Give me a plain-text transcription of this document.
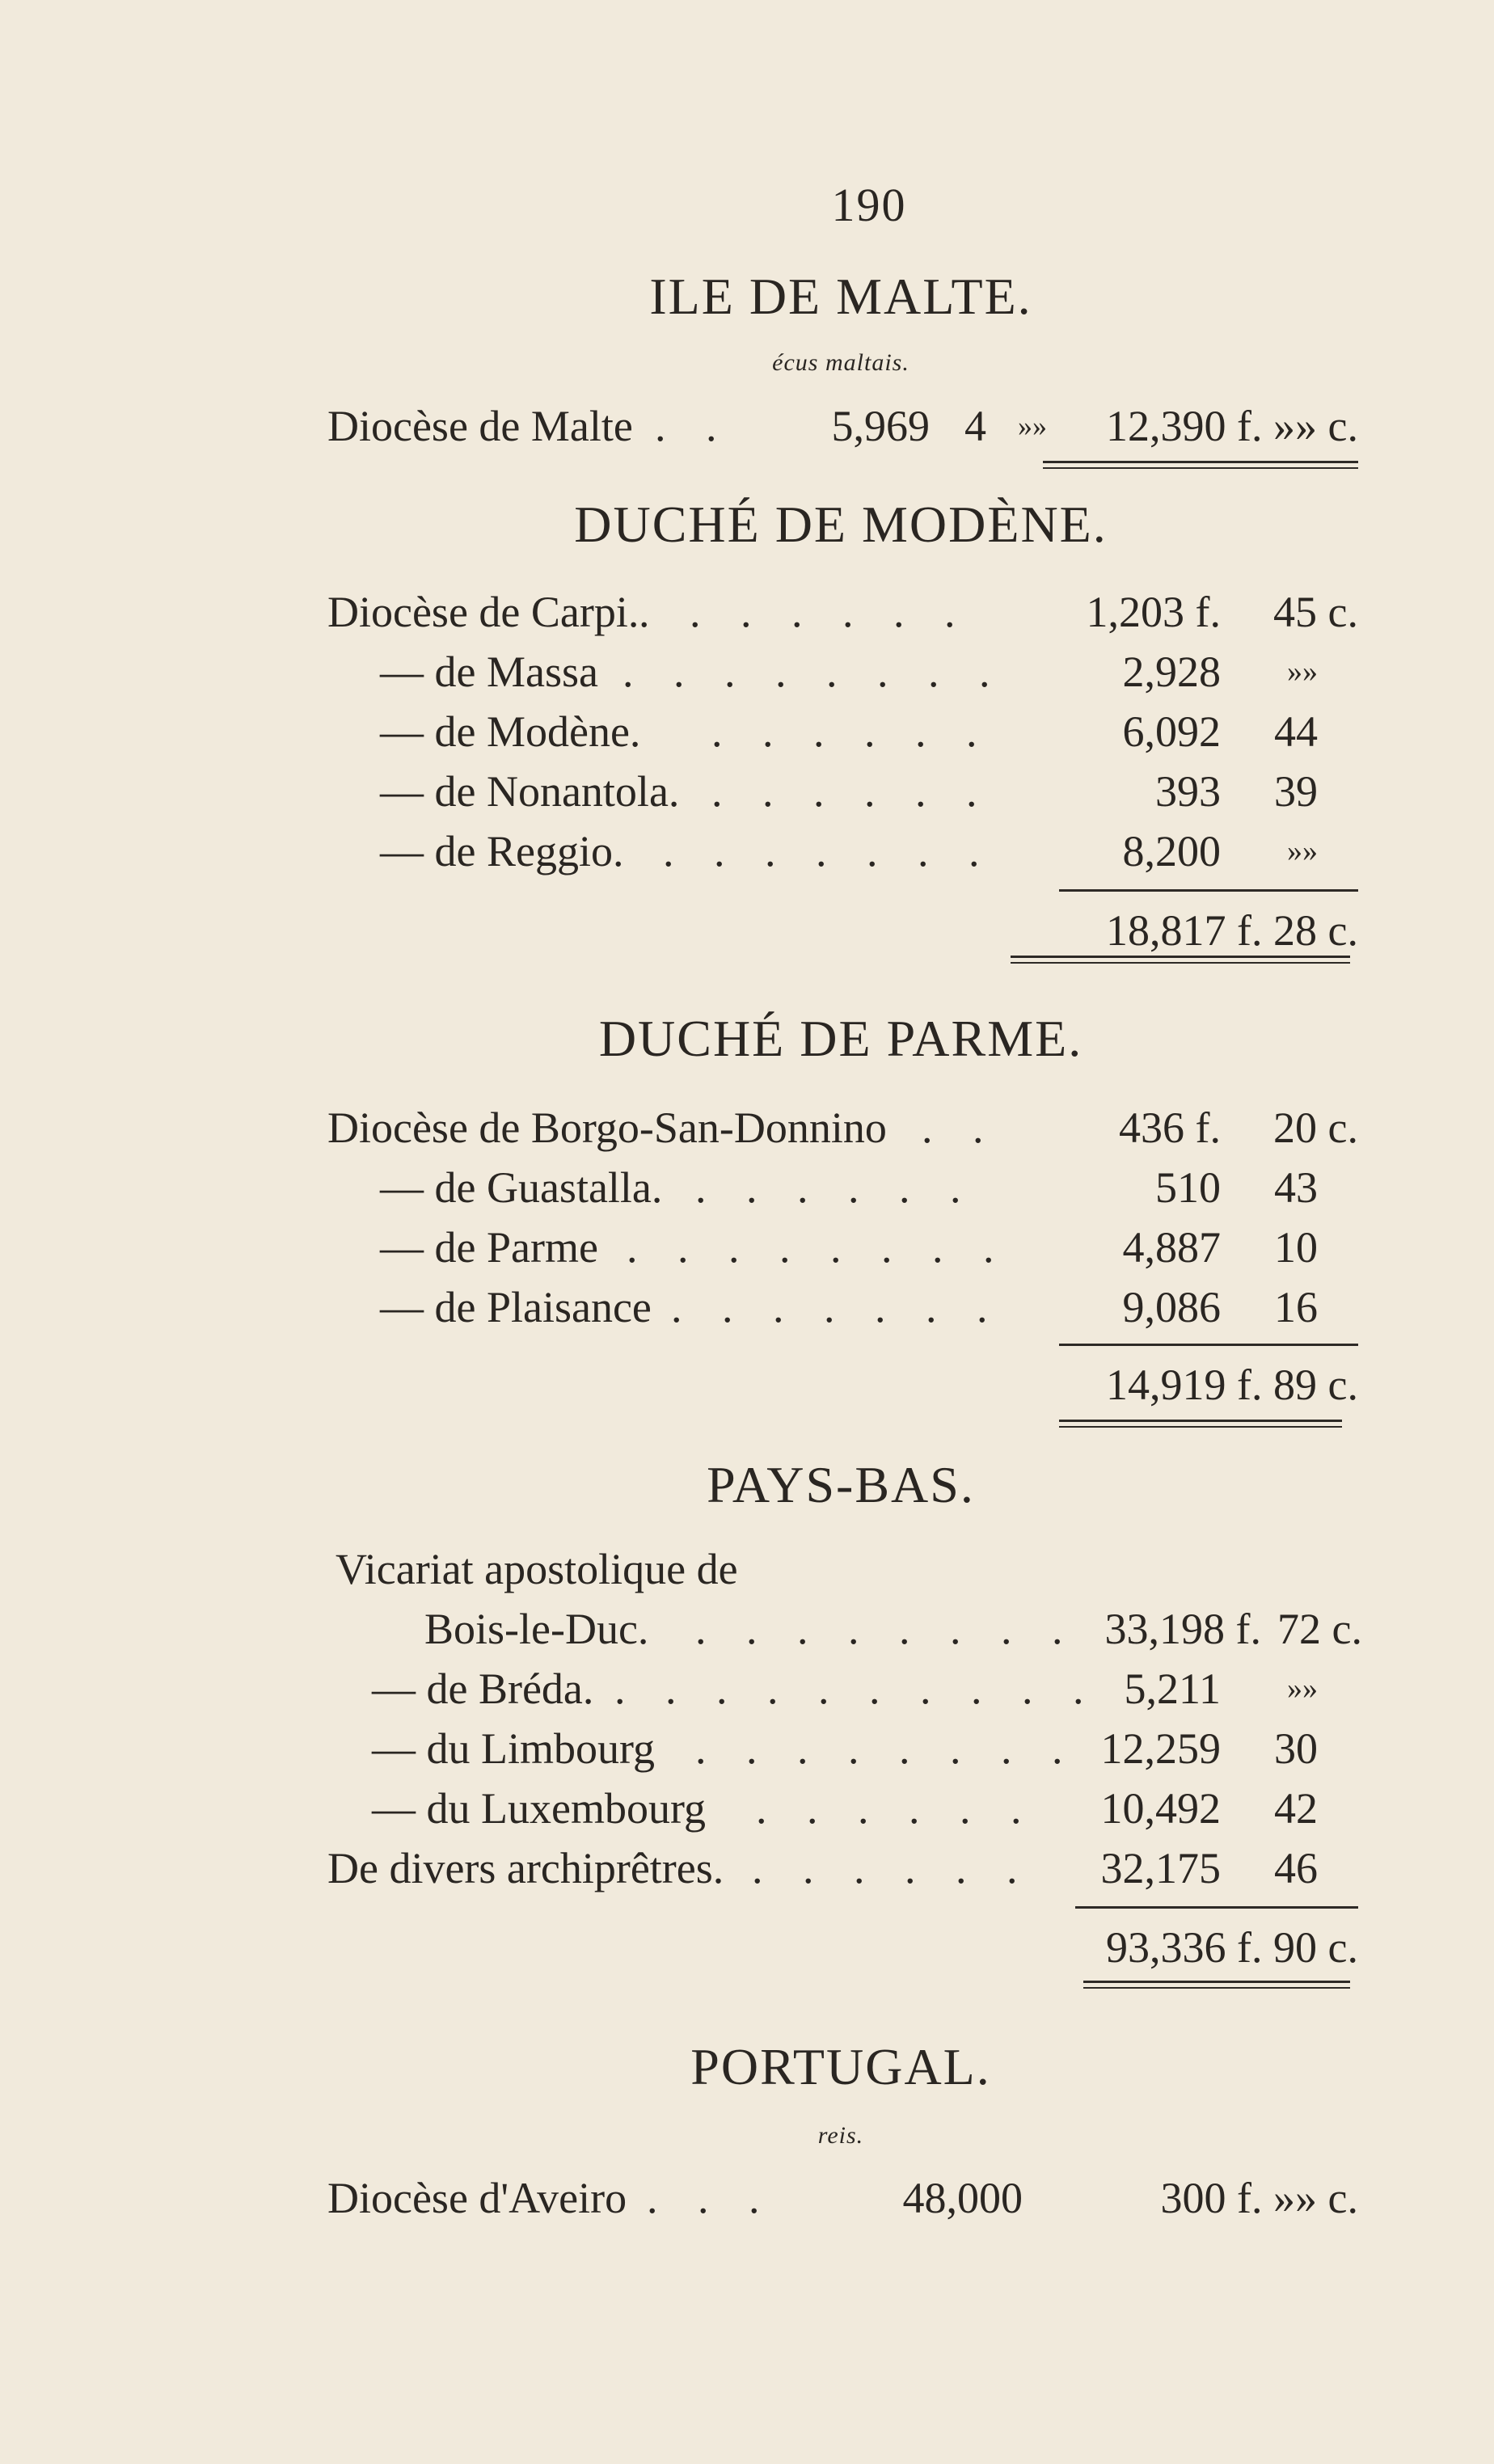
190
ILE DE MALTE.
écus maltais.
Diocèse de Malte . .	5,969 4	»»	12,390 f. »» c.
DUCHÉ DE MODÈNE.
Diocèse de Carpi. . . . . . . .	1,203 f.	45 c.
— de Massa . . . . . . . .	2,928	»»
— de Modène. . . . . . .	6,092	44
— de Nonantola. . . . . . .	393	39
— de Reggio. . . . . . . .	8,200	»»
18,817 f. 28 c.
DUCHÉ DE PARME.
Diocèse de Borgo-San-Donnino . .	436 f.	20 c.
— de Guastalla. . . . . . .	510	43
— de Parme . . . . . . . .	4,887	10
— de Plaisance . . . . . . .	9,086	16
14,919 f. 89 c.
PAYS-BAS.
Vicariat apostolique de
Bois-le-Duc. . . . . . . . . 33,198 f. 72 c.
— de Bréda. . . . . . . . . . . 5,211	»»
— du Limbourg . . . . . . . . 12,259	30
— du Luxembourg . . . . . .	10,492	42
De divers archiprêtres. . . . . . .	32,175	46
93,336 f. 90 c.
PORTUGAL.
reis.
Diocèse d'Aveiro . . .	48,000	300 f. »» c.
